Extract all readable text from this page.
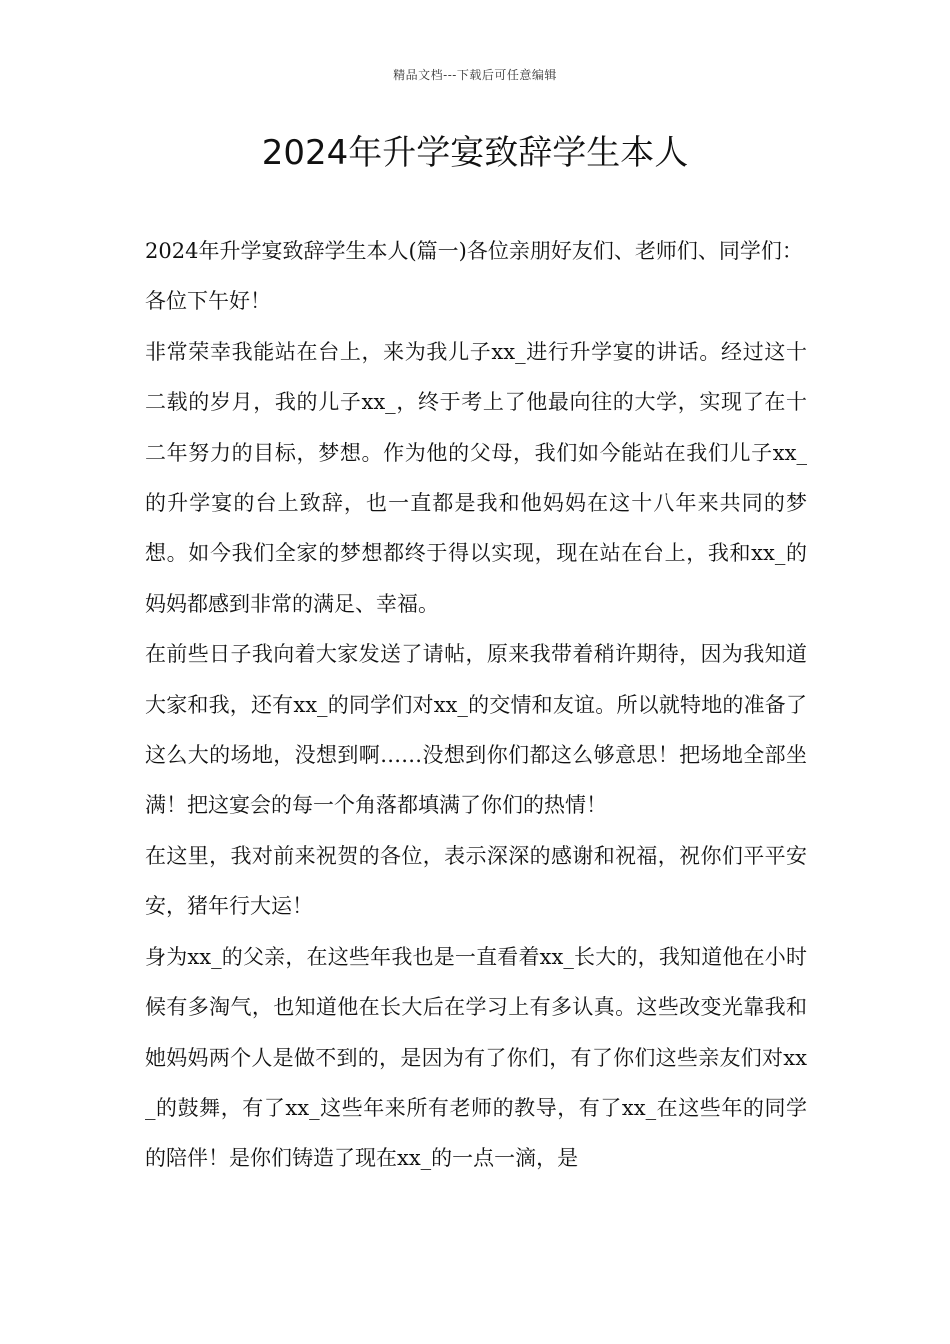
精品文档---下载后可任意编辑
2024年升学宴致辞学生本人

2024年升学宴致辞学生本人(篇一)各位亲朋好友们、老师们、同学们：

各位下午好！

非常荣幸我能站在台上，来为我儿子xx_进行升学宴的讲话。经过这十二载的岁月，我的儿子xx_，终于考上了他最向往的大学，实现了在十二年努力的目标，梦想。作为他的父母，我们如今能站在我们儿子xx_的升学宴的台上致辞，也一直都是我和他妈妈在这十八年来共同的梦想。如今我们全家的梦想都终于得以实现，现在站在台上，我和xx_的妈妈都感到非常的满足、幸福。

在前些日子我向着大家发送了请帖，原来我带着稍许期待，因为我知道大家和我，还有xx_的同学们对xx_的交情和友谊。所以就特地的准备了这么大的场地，没想到啊……没想到你们都这么够意思！把场地全部坐满！把这宴会的每一个角落都填满了你们的热情！

在这里，我对前来祝贺的各位，表示深深的感谢和祝福，祝你们平平安安，猪年行大运！

身为xx_的父亲，在这些年我也是一直看着xx_长大的，我知道他在小时候有多淘气，也知道他在长大后在学习上有多认真。这些改变光靠我和她妈妈两个人是做不到的，是因为有了你们，有了你们这些亲友们对xx_的鼓舞，有了xx_这些年来所有老师的教导，有了xx_在这些年的同学的陪伴！是你们铸造了现在xx_的一点一滴，是
